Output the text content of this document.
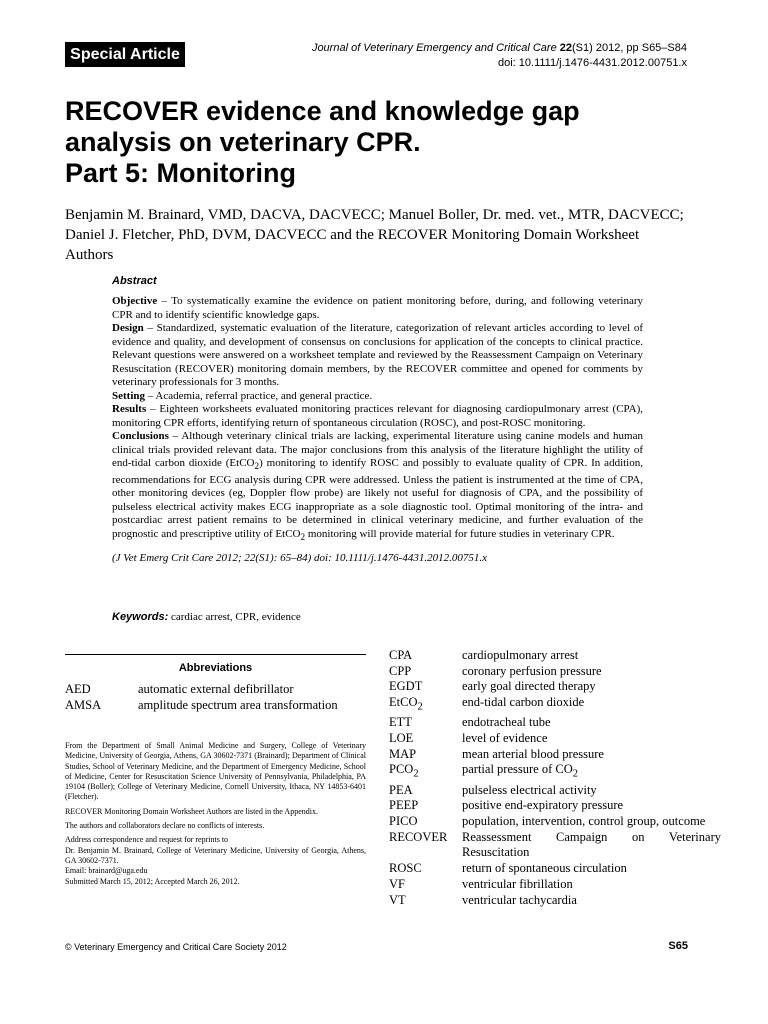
Special Article	Journal of Veterinary Emergency and Critical Care 22(S1) 2012, pp S65–S84
doi: 10.1111/j.1476-4431.2012.00751.x
RECOVER evidence and knowledge gap
analysis on veterinary CPR.
Part 5: Monitoring
Benjamin M. Brainard, VMD, DACVA, DACVECC; Manuel Boller, Dr. med. vet., MTR, DACVECC;
Daniel J. Fletcher, PhD, DVM, DACVECC and the RECOVER Monitoring Domain Worksheet
Authors
Abstract

Objective – To systematically examine the evidence on patient monitoring before, during, and following veterinary CPR and to identify scientific knowledge gaps.

Design – Standardized, systematic evaluation of the literature, categorization of relevant articles according to level of evidence and quality, and development of consensus on conclusions for application of the concepts to clinical practice. Relevant questions were answered on a worksheet template and reviewed by the Reassessment Campaign on Veterinary Resuscitation (RECOVER) monitoring domain members, by the RECOVER committee and opened for comments by veterinary professionals for 3 months.

Setting – Academia, referral practice, and general practice.

Results – Eighteen worksheets evaluated monitoring practices relevant for diagnosing cardiopulmonary arrest (CPA), monitoring CPR efforts, identifying return of spontaneous circulation (ROSC), and post-ROSC monitoring.

Conclusions – Although veterinary clinical trials are lacking, experimental literature using canine models and human clinical trials provided relevant data. The major conclusions from this analysis of the literature highlight the utility of end-tidal carbon dioxide (EtCO$_2$) monitoring to identify ROSC and possibly to evaluate quality of CPR. In addition, recommendations for ECG analysis during CPR were addressed. Unless the patient is instrumented at the time of CPA, other monitoring devices (eg, Doppler flow probe) are likely not useful for diagnosis of CPA, and the possibility of pulseless electrical activity makes ECG inappropriate as a sole diagnostic tool. Optimal monitoring of the intra- and postcardiac arrest patient remains to be determined in clinical veterinary medicine, and further evaluation of the prognostic and prescriptive utility of EtCO$_2$ monitoring will provide material for future studies in veterinary CPR.

(J Vet Emerg Crit Care 2012; 22(S1): 65–84) doi: 10.1111/j.1476-4431.2012.00751.x

Keywords: cardiac arrest, CPR, evidence
Abbreviations
AED	automatic external defibrillator
AMSA	amplitude spectrum area transformation
CPA	cardiopulmonary arrest
CPP	coronary perfusion pressure
EGDT	early goal directed therapy
EtCO$_2$	end-tidal carbon dioxide
ETT	endotracheal tube
LOE	level of evidence
MAP	mean arterial blood pressure
$PCO_2$	partial pressure of $CO_2$
PEA	pulseless electrical activity
PEEP	positive end-expiratory pressure
PICO	population, intervention, control group, outcome
RECOVER	Reassessment Campaign on Veterinary Resuscitation
ROSC	return of spontaneous circulation
VF	ventricular fibrillation
VT	ventricular tachycardia

From the Department of Small Animal Medicine and Surgery, College of Veterinary Medicine, University of Georgia, Athens, GA 30602-7371 (Brainard); Department of Clinical Studies, School of Veterinary Medicine, and the Department of Emergency Medicine, School of Medicine, Center for Resuscitation Science University of Pennsylvania, Philadelphia, PA 19104 (Boller); College of Veterinary Medicine, Cornell University, Ithaca, NY 14853-6401 (Fletcher).

RECOVER Monitoring Domain Worksheet Authors are listed in the Appendix.

The authors and collaborators declare no conflicts of interests.

Address correspondence and request for reprints to
Dr. Benjamin M. Brainard, College of Veterinary Medicine, University of Georgia, Athens, GA 30602-7371.
Email: brainard@uga.edu
Submitted March 15, 2012; Accepted March 26, 2012.

© Veterinary Emergency and Critical Care Society 2012	S65
